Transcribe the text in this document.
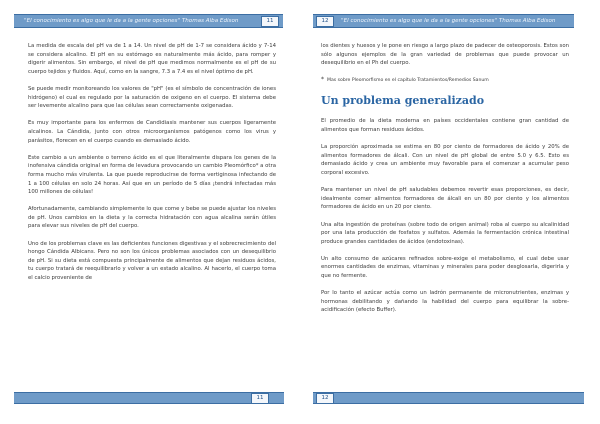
"El conocimiento es algo que le da a la gente opciones" Thomas Alba Edison	11

La medida de escala del pH va de 1 a 14. Un nivel de pH de 1-7 se considera ácido y 7-14 se considera alcalino. El pH en su estómago es naturalmente más ácido, para romper y digerir alimentos. Sin embargo, el nivel de pH que medimos normalmente es el pH de su cuerpo tejidos y fluidos. Aquí, como en la sangre, 7.3 a 7.4 es el nivel óptimo de pH.

Se puede medir monitoreando los valores de "pH" (es el símbolo de concentración de iones hidrógeno) el cual es regulado por la saturación de oxigeno en el cuerpo. El sistema debe ser levemente alcalino para que las células sean correctamente oxigenadas.

Es muy importante para los enfermos de Candidiasis mantener sus cuerpos ligeramente alcalinos. La Cándida, junto con otros microorganismos patógenos como los virus y parásitos, florecen en el cuerpo cuando es demasiado ácido.

Este cambio a un ambiente o terreno ácido es el que literalmente dispara los genes de la inofensiva cándida original en forma de levadura provocando un cambio Pleomórfico* a otra forma mucho más virulenta. La que puede reproducirse de forma vertiginosa infectando de 1 a 100 células en solo 24 horas. Así que en un período de 5 días ¡tendrá infectadas más 100 millones de células!

Afortunadamente, cambiando simplemente lo que come y bebe se puede ajustar los niveles de pH. Unos cambios en la dieta y la correcta hidratación con agua alcalina serán útiles para elevar sus niveles de pH del cuerpo.

Uno de los problemas clave es las deficientes funciones digestivas y el sobrecrecimiento del hongo Cándida Albicans. Pero no son los únicos problemas asociados con un desequilibrio de pH. Si su dieta está compuesta principalmente de alimentos que dejan residuos ácidos, tu cuerpo tratará de reequilibrarlo y volver a un estado alcalino. Al hacerlo, el cuerpo toma el calcio proveniente de

11
12	"El conocimiento es algo que le da a la gente opciones" Thomas Alba Edison

los dientes y huesos y le pone en riesgo a largo plazo de padecer de osteoporosis. Estos son sólo algunos ejemplos de la gran variedad de problemas que puede provocar un desequilibrio en el Ph del cuerpo.

* Mas sobre Pleomorfismo en el capítulo Tratamientos/Remedios Sanum

Un problema generalizado

El promedio de la dieta moderna en países occidentales contiene gran cantidad de alimentos que forman residuos ácidos.

La proporción aproximada se estima en 80 por ciento de formadores de ácido y 20% de alimentos formadores de álcali. Con un nivel de pH global de entre 5.0 y 6.5. Esto es demasiado ácido y crea un ambiente muy favorable para el comenzar a acumular peso corporal excesivo.

Para mantener un nivel de pH saludables debemos revertir esas proporciones, es decir, idealmente comer alimentos formadores de álcali en un 80 por ciento y los alimentos formadores de ácido en un 20 por ciento.

Una alta ingestión de proteínas (sobre todo de origen animal) roba al cuerpo su alcalinidad por una lata producción de fosfatos y sulfatos. Además la fermentación crónica intestinal produce grandes cantidades de ácidos (endotoxinas).

Un alto consumo de azúcares refinados sobre-exige el metabolismo, el cual debe usar enormes cantidades de enzimas, vitaminas y minerales para poder desglosarla, digerirla y que no fermente.

Por lo tanto el azúcar actúa como un ladrón permanente de micronutrientes, enzimas y hormonas debilitando y dañando la habilidad del cuerpo para equilibrar la sobre-acidificación (efecto Buffer).

12
